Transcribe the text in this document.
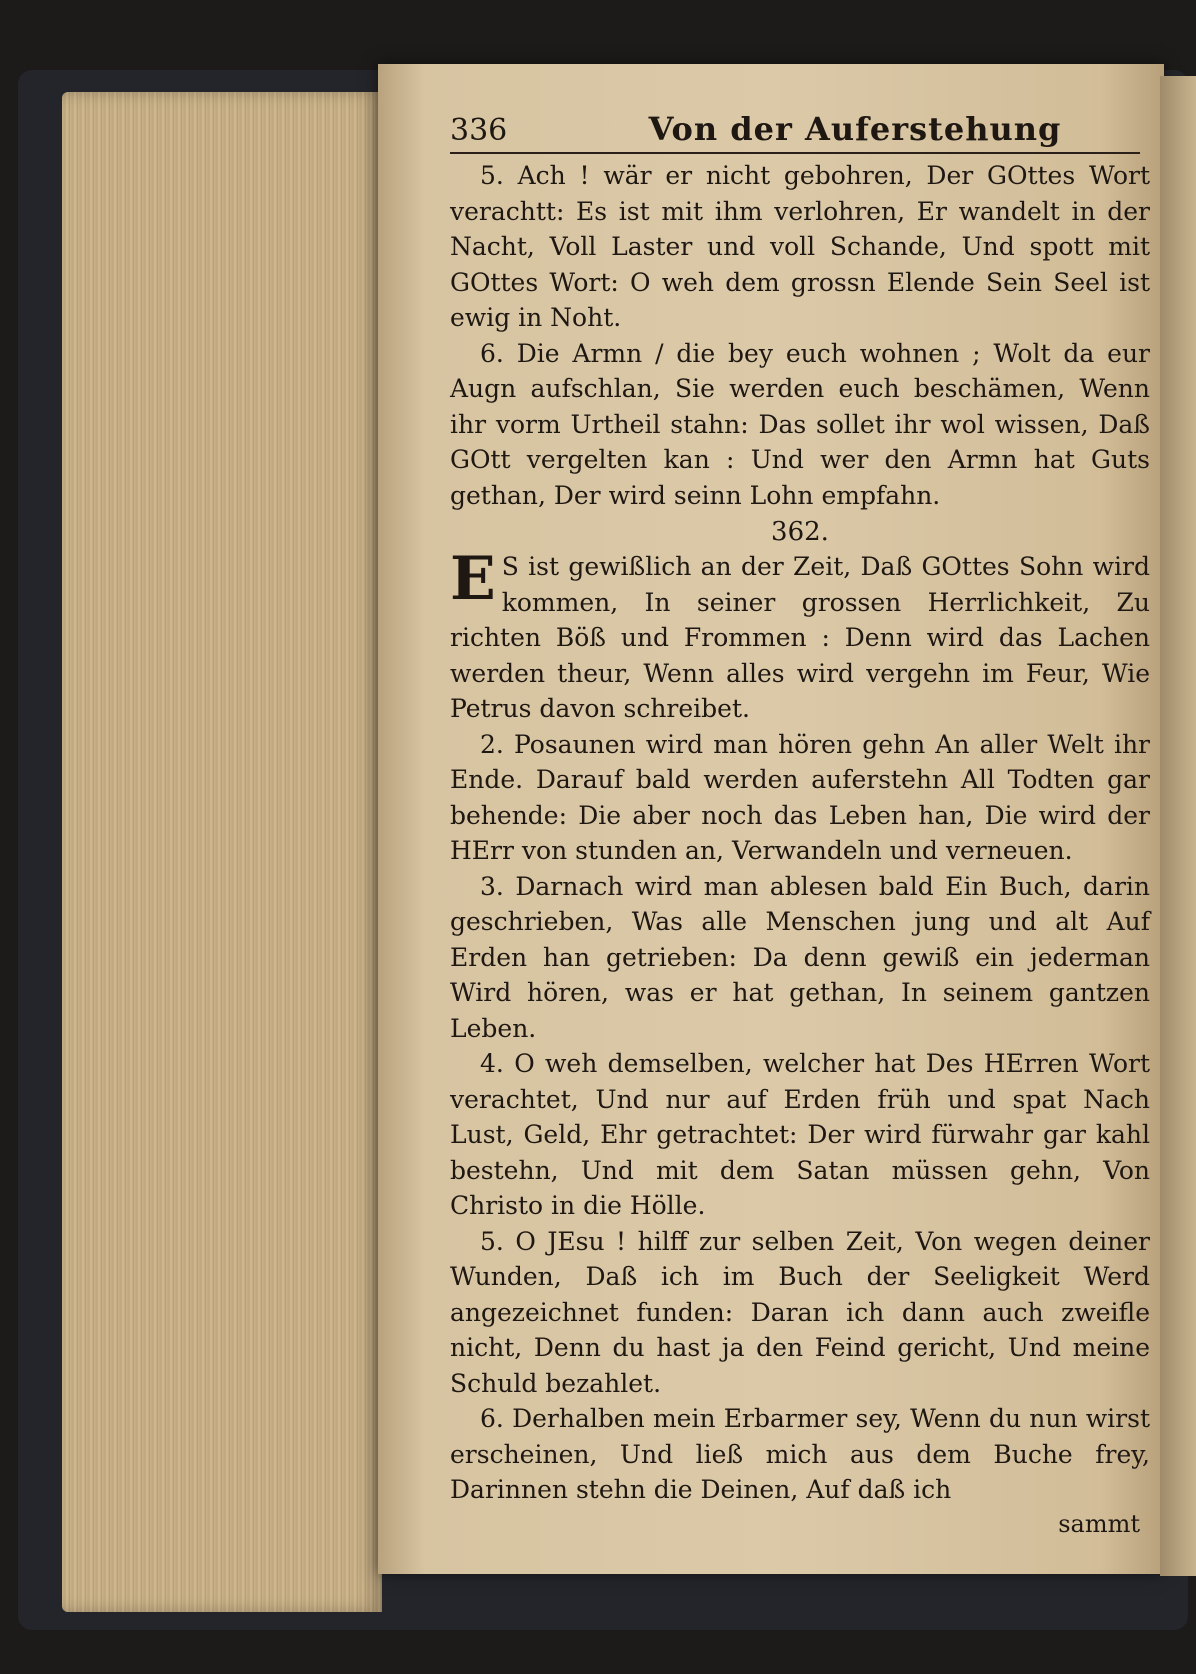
336	Von der Auferstehung

5. Ach ! wär er nicht gebohren, Der GOttes Wort verachtt: Es ist mit ihm verlohren, Er wandelt in der Nacht, Voll Laster und voll Schande, Und spott mit GOttes Wort: O weh dem grossn Elende Sein Seel ist ewig in Noht.

6. Die Armn / die bey euch wohnen ; Wolt da eur Augn aufschlan, Sie werden euch beschämen, Wenn ihr vorm Urtheil stahn: Das sollet ihr wol wissen, Daß GOtt vergelten kan : Und wer den Armn hat Guts gethan, Der wird seinn Lohn empfahn.

362.

E S ist gewißlich an der Zeit, Daß GOttes Sohn wird kommen, In seiner grossen Herrlichkeit, Zu richten Böß und Frommen : Denn wird das Lachen werden theur, Wenn alles wird vergehn im Feur, Wie Petrus davon schreibet.

2. Posaunen wird man hören gehn An aller Welt ihr Ende. Darauf bald werden auferstehn All Todten gar behende: Die aber noch das Leben han, Die wird der HErr von stunden an, Verwandeln und verneuen.

3. Darnach wird man ablesen bald Ein Buch, darin geschrieben, Was alle Menschen jung und alt Auf Erden han getrieben: Da denn gewiß ein jederman Wird hören, was er hat gethan, In seinem gantzen Leben.

4. O weh demselben, welcher hat Des HErren Wort verachtet, Und nur auf Erden früh und spat Nach Lust, Geld, Ehr getrachtet: Der wird fürwahr gar kahl bestehn, Und mit dem Satan müssen gehn, Von Christo in die Hölle.

5. O JEsu ! hilff zur selben Zeit, Von wegen deiner Wunden, Daß ich im Buch der Seeligkeit Werd angezeichnet funden: Daran ich dann auch zweifle nicht, Denn du hast ja den Feind gericht, Und meine Schuld bezahlet.

6. Derhalben mein Erbarmer sey, Wenn du nun wirst erscheinen, Und ließ mich aus dem Buche frey, Darinnen stehn die Deinen, Auf daß ich

sammt
